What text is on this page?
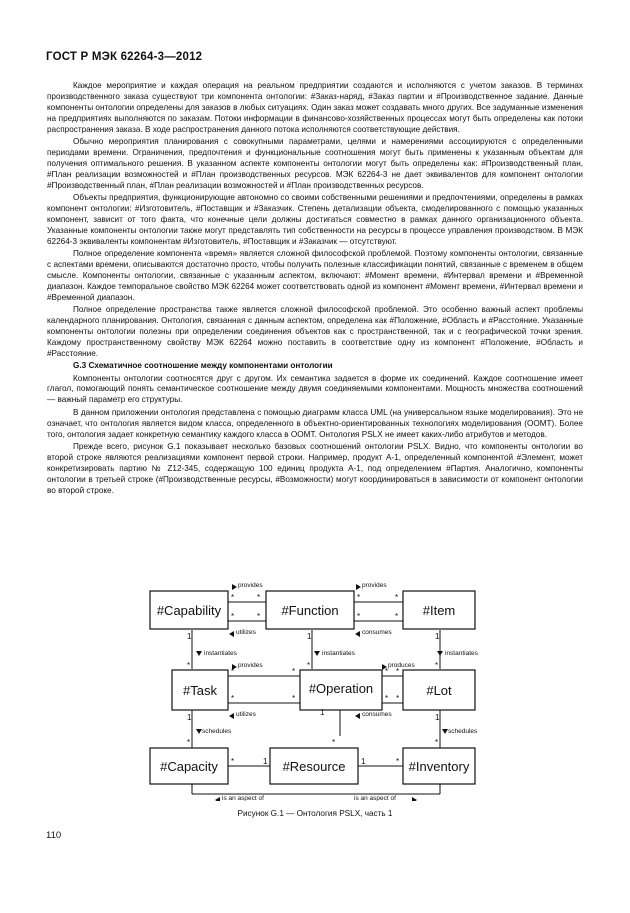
ГОСТ Р МЭК 62264-3—2012

Каждое мероприятие и каждая операция на реальном предприятии создаются и исполняются с учетом заказов. В терминах производственного заказа существуют три компонента онтологии: #Заказ-наряд, #Заказ партии и #Производственное задание. Данные компоненты онтологии определены для заказов в любых ситуациях. Один заказ может создавать много других. Все задуманные изменения на предприятиях выполняются по заказам. Потоки информации в финансово-хозяйственных процессах могут быть определены как потоки распространения заказа. В ходе распространения данного потока исполняются соответствующие действия.

Обычно мероприятия планирования с совокупными параметрами, целями и намерениями ассоциируются с определенными периодами времени. Ограничения, предпочтения и функциональные соотношения могут быть применены к указанным объектам для получения оптимального решения. В указанном аспекте компоненты онтологии могут быть определены как: #Производственный план, #План реализации возможностей и #План производственных ресурсов. МЭК 62264-3 не дает эквивалентов для компонент онтологии #Производственный план, #План реализации возможностей и #План производственных ресурсов.

Объекты предприятия, функционирующие автономно со своими собственными решениями и предпочтениями, определены в рамках компонент онтологии: #Изготовитель, #Поставщик и #Заказчик. Степень детализации объекта, смоделированного с помощью указанных компонент, зависит от того факта, что конечные цели должны достигаться совместно в рамках данного организационного объекта. Указанные компоненты онтологии также могут представлять тип собственности на ресурсы в процессе управления производством. В МЭК 62264-3 эквиваленты компонентам #Изготовитель, #Поставщик и #Заказчик — отсутствуют.

Полное определение компонента «время» является сложной философской проблемой. Поэтому компоненты онтологии, связанные с аспектами времени, описываются достаточно просто, чтобы получить полезные классификации понятий, связанные с временем в общем смысле. Компоненты онтологии, связанные с указанным аспектом, включают: #Момент времени, #Интервал времени и #Временной диапазон. Каждое темпоральное свойство МЭК 62264 может соответствовать одной из компонент #Момент времени, #Интервал времени и #Временной диапазон.

Полное определение пространства также является сложной философской проблемой. Это особенно важный аспект проблемы календарного планирования. Онтология, связанная с данным аспектом, определена как #Положение, #Область и #Расстояние. Указанные компоненты онтологии полезны при определении соединения объектов как с пространственной, так и с географической точки зрения. Каждому пространственному свойству МЭК 62264 можно поставить в соответствие одну из компонент #Положение, #Область и #Расстояние.

G.3 Схематичное соотношение между компонентами онтологии

Компоненты онтологии соотносятся друг с другом. Их семантика задается в форме их соединений. Каждое соотношение имеет глагол, помогающий понять семантическое соотношение между двумя соединяемыми компонентами. Мощность множества соотношений — важный параметр его структуры.

В данном приложении онтология представлена с помощью диаграмм класса UML (на универсальном языке моделирования). Это не означает, что онтология является видом класса, определенного в объектно-ориентированных технологиях моделирования (OOMT). Более того, онтология задает конкретную семантику каждого класса в OOMT. Онтология PSLX не имеет каких-либо атрибутов и методов.

Прежде всего, рисунок G.1 показывает несколько базовых соотношений онтологии PSLX. Видно, что компоненты онтологии во второй строке являются реализациями компонент первой строки. Например, продукт A-1, определенный компонентой #Элемент, может конкретизировать партию № Z12-345, содержащую 100 единиц продукта A-1, под определением #Партия. Аналогично, компоненты онтологии в третьей строке (#Производственные ресурсы, #Возможности) могут координироваться в зависимости от компонент онтологии во второй строке.

#Capability	#Function	#Item
#Task	#Operation	#Lot
#Capacity	#Resource	#Inventory
provides	provides
utilizes	consumes
instantiates	instantiates	instantiates
provides	produces
utilizes	consumes
schedules	schedules
is an aspect of	is an aspect of
*
*
*
*
*	*
*	*
1	1	1
*	*	*
*	*	* *
*	*	* *
1
1
1
*	*	*
*	1	1	*
Рисунок G.1 — Онтология PSLX, часть 1
110
